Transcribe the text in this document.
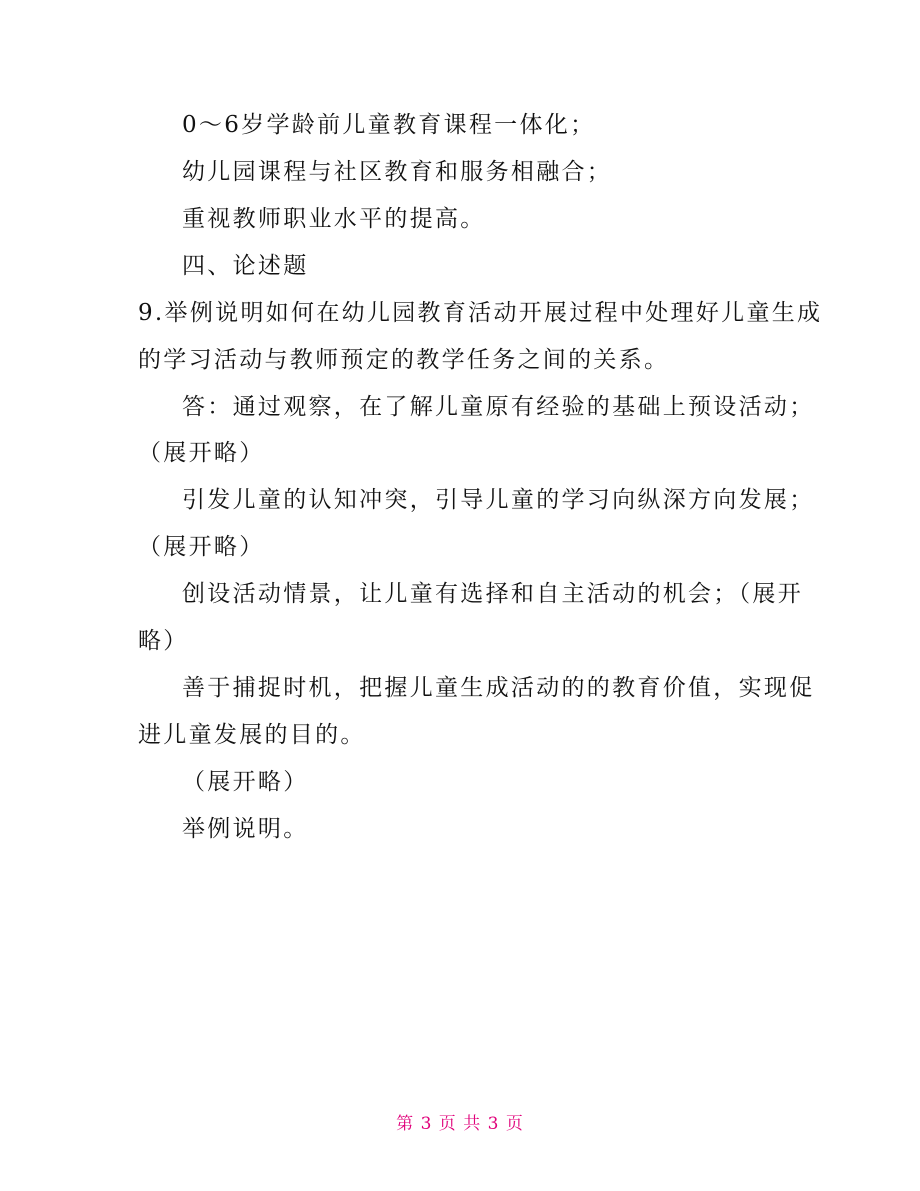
0～6岁学龄前儿童教育课程一体化；
幼儿园课程与社区教育和服务相融合；
重视教师职业水平的提高。
四、论述题
9.举例说明如何在幼儿园教育活动开展过程中处理好儿童生成
的学习活动与教师预定的教学任务之间的关系。
答：通过观察，在了解儿童原有经验的基础上预设活动；
（展开略）
引发儿童的认知冲突，引导儿童的学习向纵深方向发展；
（展开略）
创设活动情景，让儿童有选择和自主活动的机会；（展开
略）
善于捕捉时机，把握儿童生成活动的的教育价值，实现促
进儿童发展的目的。
（展开略）
举例说明。
第 3 页 共 3 页
